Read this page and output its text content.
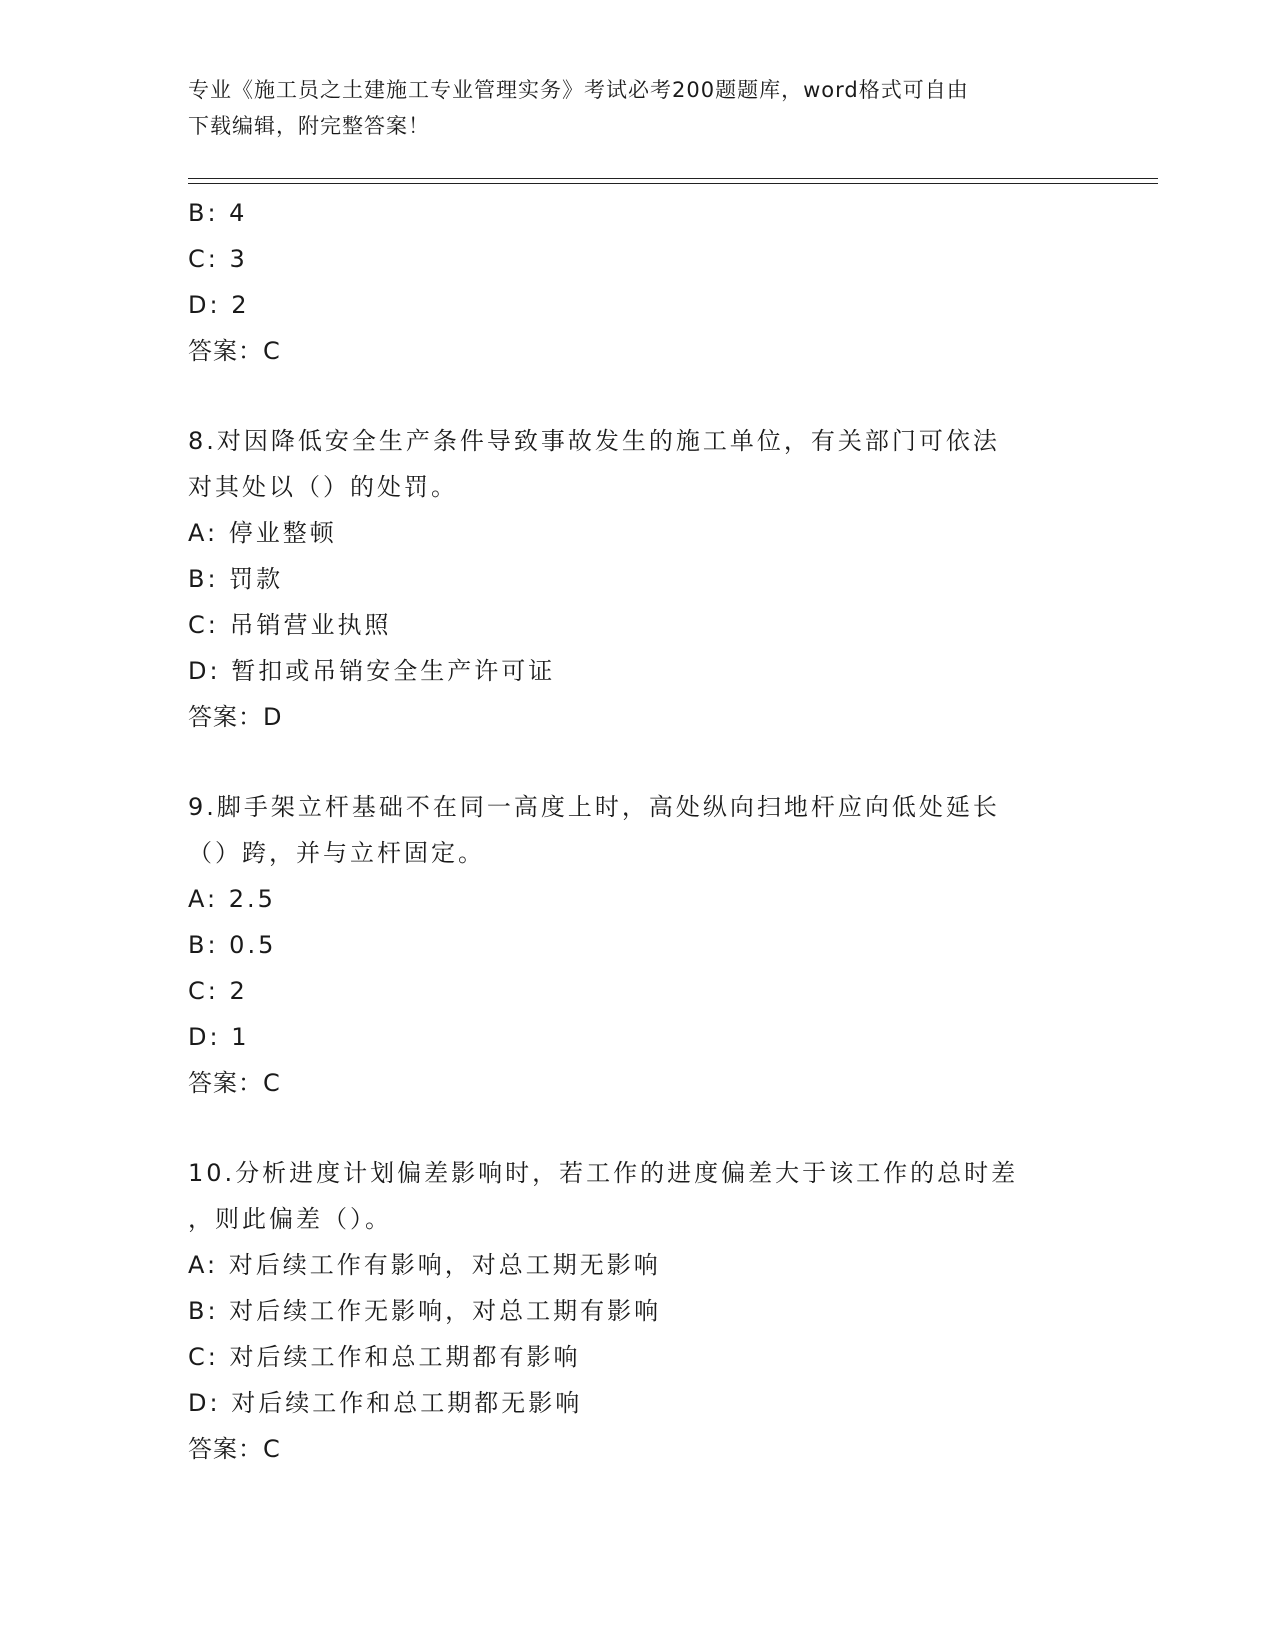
专业《施工员之土建施工专业管理实务》考试必考200题题库，word格式可自由
下载编辑，附完整答案！
B: 4
C: 3
D: 2
答案：C
8.对因降低安全生产条件导致事故发生的施工单位，有关部门可依法
对其处以（）的处罚。
A: 停业整顿
B: 罚款
C: 吊销营业执照
D: 暂扣或吊销安全生产许可证
答案：D
9.脚手架立杆基础不在同一高度上时，高处纵向扫地杆应向低处延长
（）跨，并与立杆固定。
A: 2.5
B: 0.5
C: 2
D: 1
答案：C
10.分析进度计划偏差影响时，若工作的进度偏差大于该工作的总时差
，则此偏差（）。
A: 对后续工作有影响，对总工期无影响
B: 对后续工作无影响，对总工期有影响
C: 对后续工作和总工期都有影响
D: 对后续工作和总工期都无影响
答案：C
